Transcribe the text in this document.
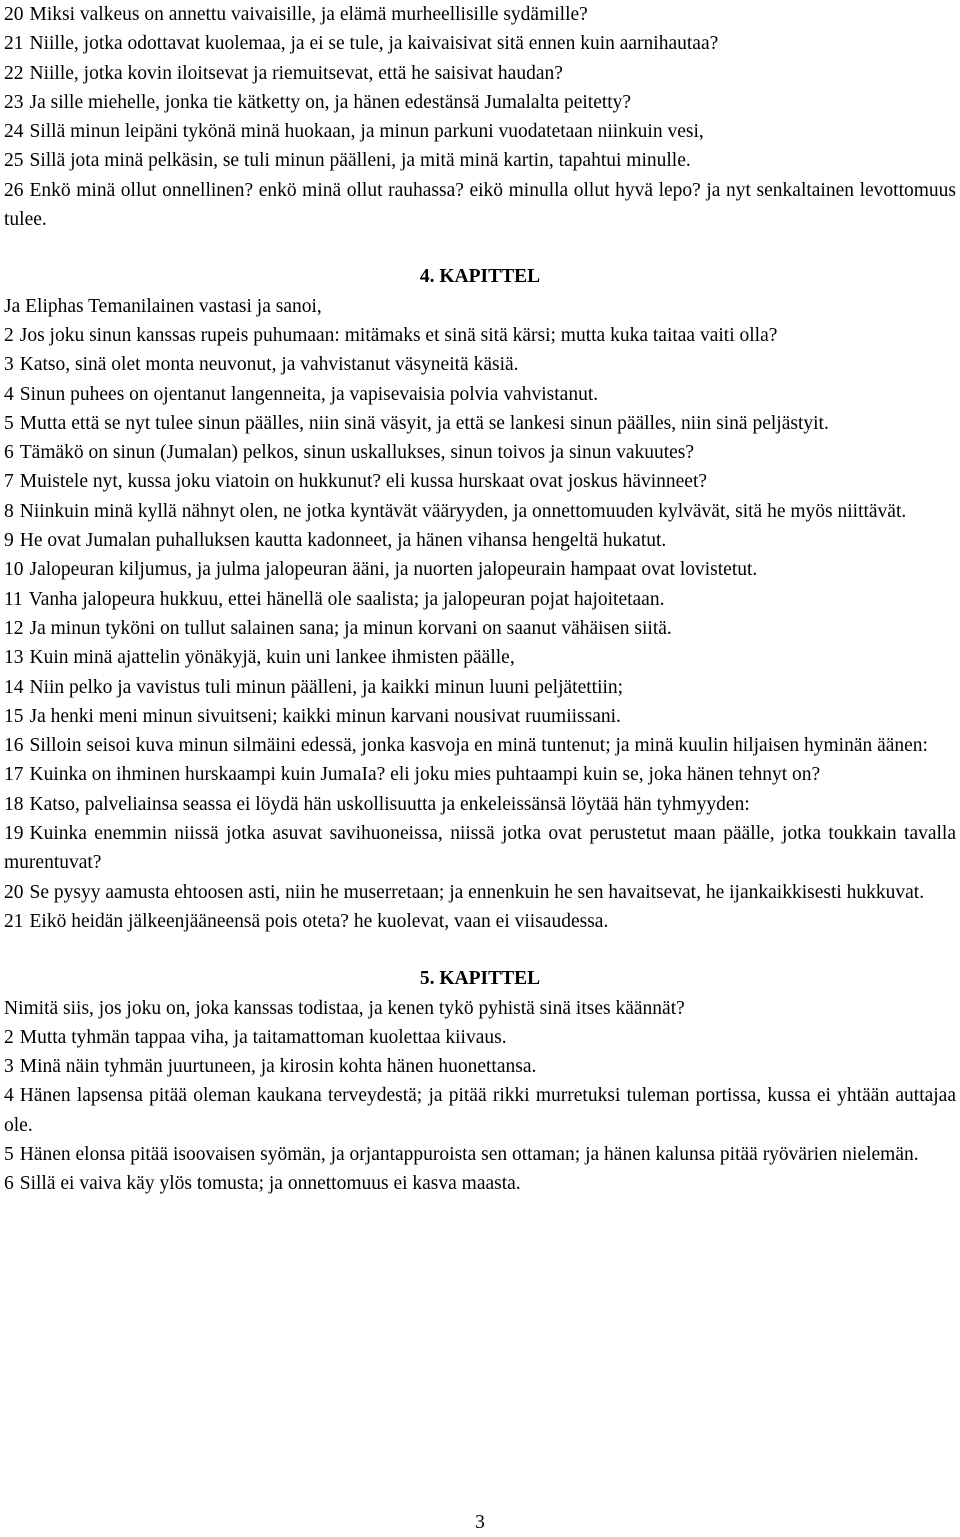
20 Miksi valkeus on annettu vaivaisille, ja elämä murheellisille sydämille?

21 Niille, jotka odottavat kuolemaa, ja ei se tule, ja kaivaisivat sitä ennen kuin aarnihautaa?

22 Niille, jotka kovin iloitsevat ja riemuitsevat, että he saisivat haudan?

23 Ja sille miehelle, jonka tie kätketty on, ja hänen edestänsä Jumalalta peitetty?

24 Sillä minun leipäni tykönä minä huokaan, ja minun parkuni vuodatetaan niinkuin vesi,

25 Sillä jota minä pelkäsin, se tuli minun päälleni, ja mitä minä kartin, tapahtui minulle.

26 Enkö minä ollut onnellinen? enkö minä ollut rauhassa? eikö minulla ollut hyvä lepo? ja nyt senkaltainen levottomuus tulee.

4. KAPITTEL

Ja Eliphas Temanilainen vastasi ja sanoi,

2 Jos joku sinun kanssas rupeis puhumaan: mitämaks et sinä sitä kärsi; mutta kuka taitaa vaiti olla?

3 Katso, sinä olet monta neuvonut, ja vahvistanut väsyneitä käsiä.

4 Sinun puhees on ojentanut langenneita, ja vapisevaisia polvia vahvistanut.

5 Mutta että se nyt tulee sinun päälles, niin sinä väsyit, ja että se lankesi sinun päälles, niin sinä peljästyit.

6 Tämäkö on sinun (Jumalan) pelkos, sinun uskallukses, sinun toivos ja sinun vakuutes?

7 Muistele nyt, kussa joku viatoin on hukkunut? eli kussa hurskaat ovat joskus hävinneet?

8 Niinkuin minä kyllä nähnyt olen, ne jotka kyntävät vääryyden, ja onnettomuuden kylvävät, sitä he myös niittävät.

9 He ovat Jumalan puhalluksen kautta kadonneet, ja hänen vihansa hengeltä hukatut.

10 Jalopeuran kiljumus, ja julma jalopeuran ääni, ja nuorten jalopeurain hampaat ovat lovistetut.

11 Vanha jalopeura hukkuu, ettei hänellä ole saalista; ja jalopeuran pojat hajoitetaan.

12 Ja minun tyköni on tullut salainen sana; ja minun korvani on saanut vähäisen siitä.

13 Kuin minä ajattelin yönäkyjä, kuin uni lankee ihmisten päälle,

14 Niin pelko ja vavistus tuli minun päälleni, ja kaikki minun luuni peljätettiin;

15 Ja henki meni minun sivuitseni; kaikki minun karvani nousivat ruumiissani.

16 Silloin seisoi kuva minun silmäini edessä, jonka kasvoja en minä tuntenut; ja minä kuulin hiljaisen hyminän äänen:

17 Kuinka on ihminen hurskaampi kuin JumaIa? eli joku mies puhtaampi kuin se, joka hänen tehnyt on?

18 Katso, palveliainsa seassa ei löydä hän uskollisuutta ja enkeleissänsä löytää hän tyhmyyden:

19 Kuinka enemmin niissä jotka asuvat savihuoneissa, niissä jotka ovat perustetut maan päälle, jotka toukkain tavalla murentuvat?

20 Se pysyy aamusta ehtoosen asti, niin he muserretaan; ja ennenkuin he sen havaitsevat, he ijankaikkisesti hukkuvat.

21 Eikö heidän jälkeenjääneensä pois oteta? he kuolevat, vaan ei viisaudessa.

5. KAPITTEL

Nimitä siis, jos joku on, joka kanssas todistaa, ja kenen tykö pyhistä sinä itses käännät?

2 Mutta tyhmän tappaa viha, ja taitamattoman kuolettaa kiivaus.

3 Minä näin tyhmän juurtuneen, ja kirosin kohta hänen huonettansa.

4 Hänen lapsensa pitää oleman kaukana terveydestä; ja pitää rikki murretuksi tuleman portissa, kussa ei yhtään auttajaa ole.

5 Hänen elonsa pitää isoovaisen syömän, ja orjantappuroista sen ottaman; ja hänen kalunsa pitää ryövärien nielemän.

6 Sillä ei vaiva käy ylös tomusta; ja onnettomuus ei kasva maasta.

3
